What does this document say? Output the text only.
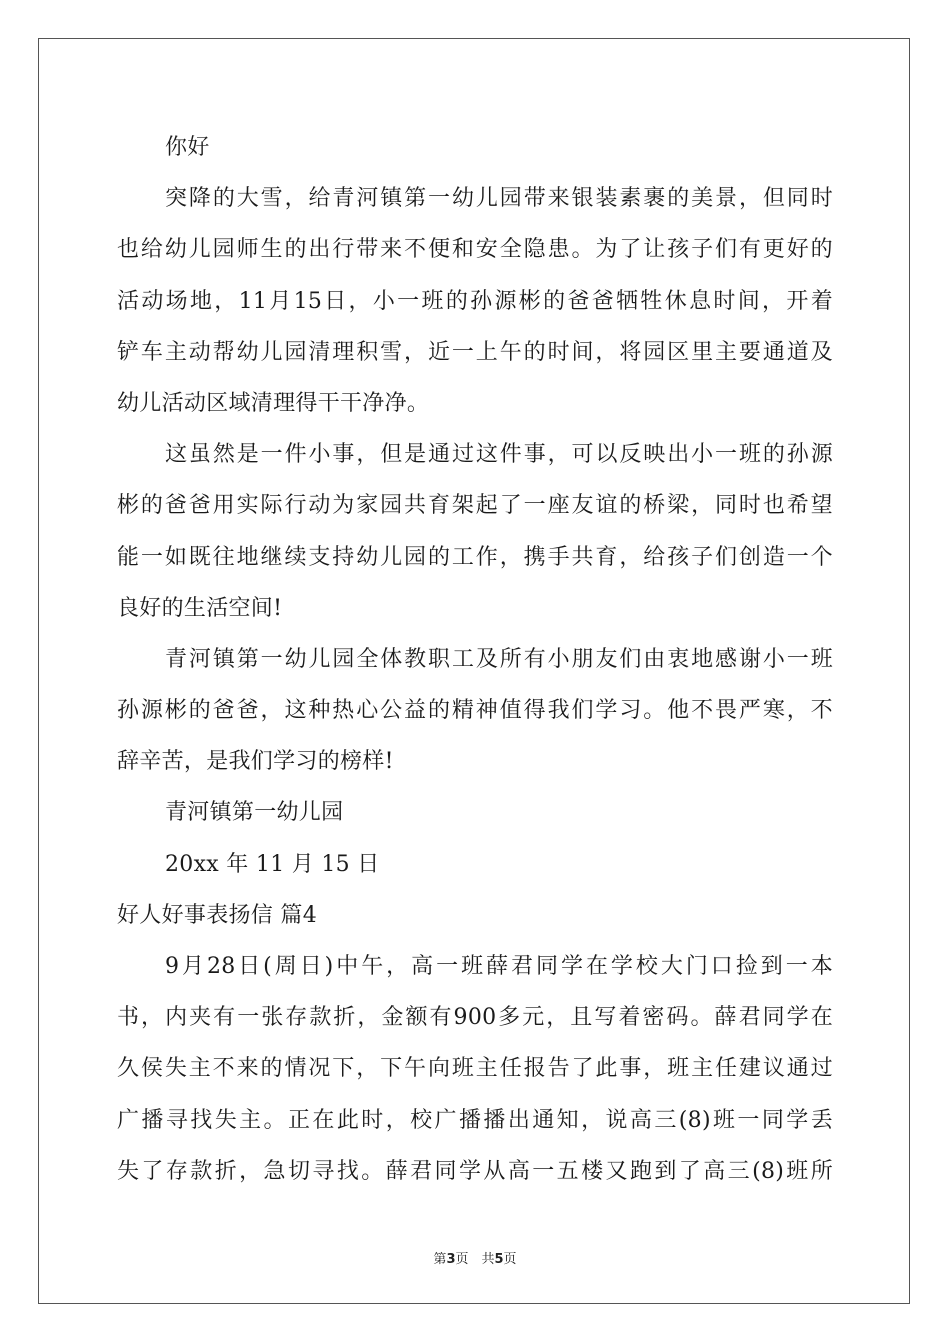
你好
突降的大雪，给青河镇第一幼儿园带来银装素裹的美景，但同时
也给幼儿园师生的出行带来不便和安全隐患。为了让孩子们有更好的
活动场地，11月15日，小一班的孙源彬的爸爸牺牲休息时间，开着
铲车主动帮幼儿园清理积雪，近一上午的时间，将园区里主要通道及
幼儿活动区域清理得干干净净。
这虽然是一件小事，但是通过这件事，可以反映出小一班的孙源
彬的爸爸用实际行动为家园共育架起了一座友谊的桥梁，同时也希望
能一如既往地继续支持幼儿园的工作，携手共育，给孩子们创造一个
良好的生活空间!
青河镇第一幼儿园全体教职工及所有小朋友们由衷地感谢小一班
孙源彬的爸爸，这种热心公益的精神值得我们学习。他不畏严寒，不
辞辛苦，是我们学习的榜样!
青河镇第一幼儿园
20xx 年 11 月 15 日
好人好事表扬信 篇4
9月28日(周日)中午，高一班薛君同学在学校大门口捡到一本
书，内夹有一张存款折，金额有900多元，且写着密码。薛君同学在
久侯失主不来的情况下，下午向班主任报告了此事，班主任建议通过
广播寻找失主。正在此时，校广播播出通知，说高三(8)班一同学丢
失了存款折，急切寻找。薛君同学从高一五楼又跑到了高三(8)班所
第3页　共5页
